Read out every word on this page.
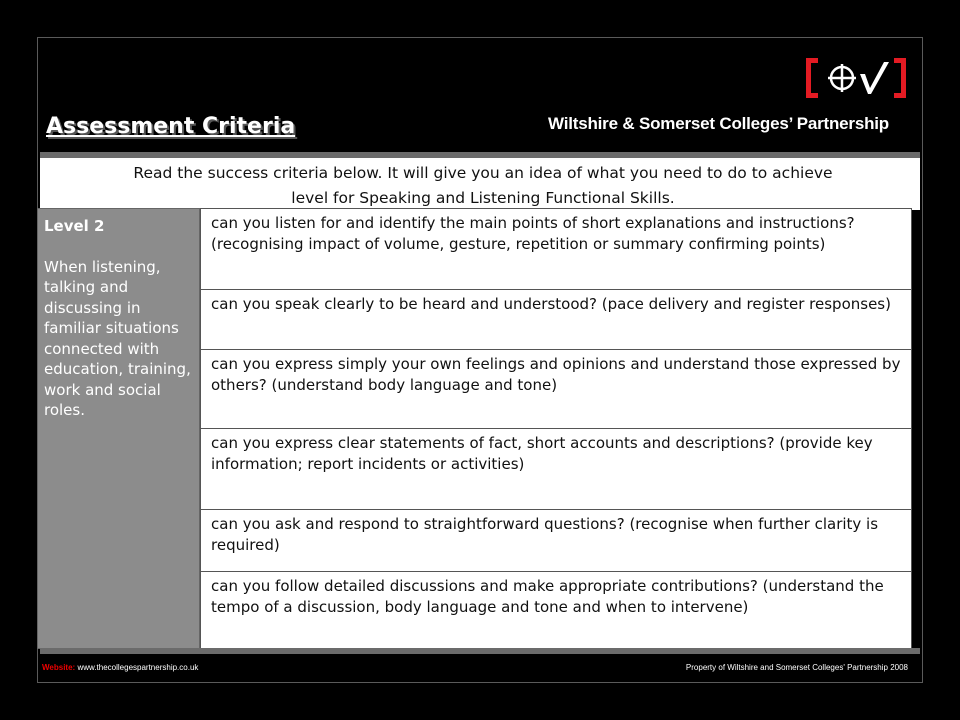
Wiltshire & Somerset Colleges’ Partnership
Assessment Criteria

Read the success criteria below. It will give you an idea of what you need to do to achieve

level for Speaking and Listening Functional Skills.

Level 2
When listening, talking and discussing in familiar situations connected with education, training, work and social roles.
can you listen for and identify the main points of short explanations and instructions? (recognising impact of volume, gesture, repetition or summary confirming points)
can you speak clearly to be heard and understood? (pace delivery and register responses)
can you express simply your own feelings and opinions and understand those expressed by others? (understand body language and tone)
can you express clear statements of fact, short accounts and descriptions? (provide key information; report incidents or activities)
can you ask and respond to straightforward questions? (recognise when further clarity is required)
can you follow detailed discussions and make appropriate contributions? (understand the tempo of a discussion, body language and tone and when to intervene)
Website: www.thecollegespartnership.co.uk	Property of Wiltshire and Somerset Colleges' Partnership 2008
